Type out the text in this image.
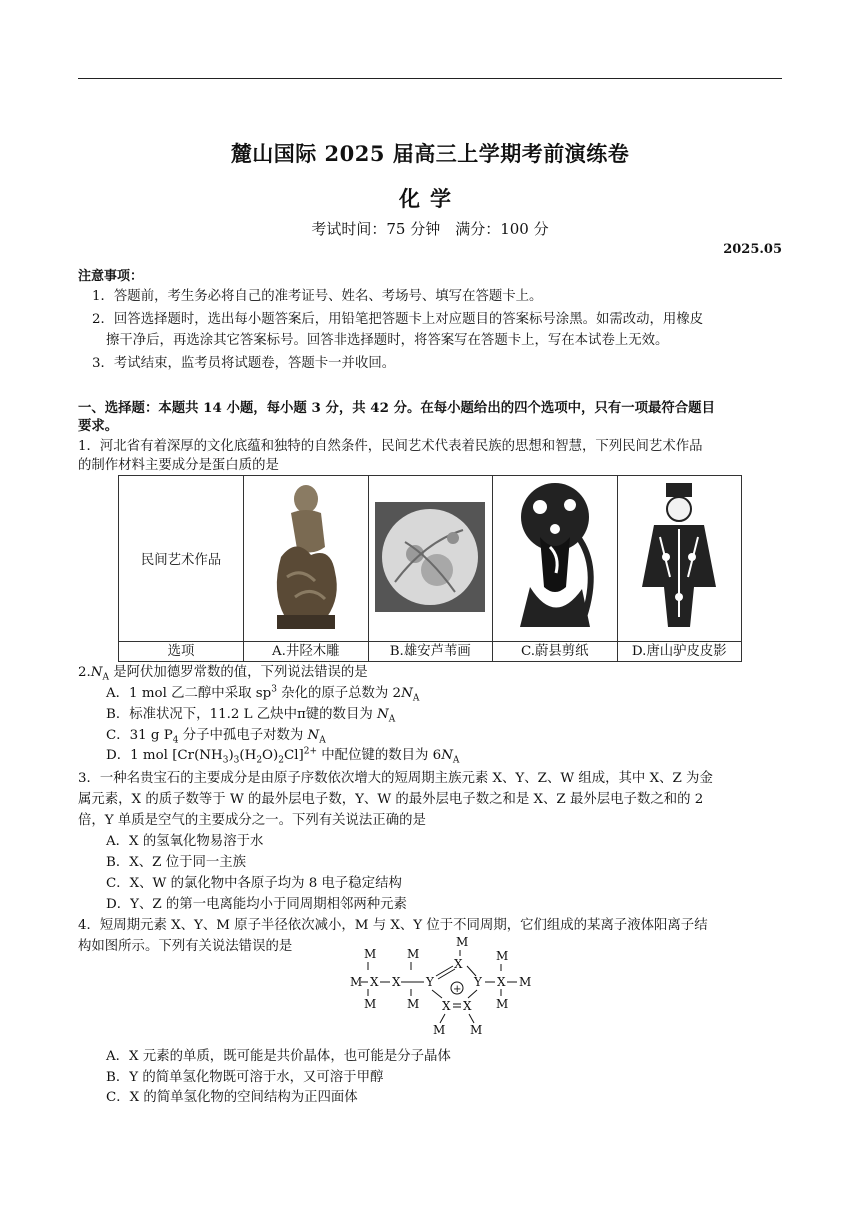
麓山国际 2025 届高三上学期考前演练卷
化学
考试时间：75 分钟　满分：100 分
2025.05
注意事项：
1．答题前，考生务必将自己的准考证号、姓名、考场号、填写在答题卡上。
2．回答选择题时，选出每小题答案后，用铅笔把答题卡上对应题目的答案标号涂黑。如需改动，用橡皮
擦干净后，再选涂其它答案标号。回答非选择题时，将答案写在答题卡上，写在本试卷上无效。
3．考试结束，监考员将试题卷，答题卡一并收回。
一、选择题：本题共 14 小题，每小题 3 分，共 42 分。在每小题给出的四个选项中，只有一项最符合题目
要求。
1．河北省有着深厚的文化底蕴和独特的自然条件，民间艺术代表着民族的思想和智慧，下列民间艺术作品
的制作材料主要成分是蛋白质的是
民间艺术作品				
选项	A.井陉木雕	B.雄安芦苇画	C.蔚县剪纸	D.唐山驴皮皮影
$2.N_A$ 是阿伏加德罗常数的值，下列说法错误的是
A．1 mol 乙二醇中采取 $sp^3$ 杂化的原子总数为 $2N_A$
B．标准状况下，11.2 L 乙炔中π键的数目为 $N_A$
C．31 g $P_4$ 分子中孤电子对数为 $N_A$
D．1 mol $[Cr(NH_3)_3(H_2O)_2Cl]^{2+}$ 中配位键的数目为 $6N_A$
3．一种名贵宝石的主要成分是由原子序数依次增大的短周期主族元素 X、Y、Z、W 组成，其中 X、Z 为金
属元素，X 的质子数等于 W 的最外层电子数，Y、W 的最外层电子数之和是 X、Z 最外层电子数之和的 2
倍，Y 单质是空气的主要成分之一。下列有关说法正确的是
A．X 的氢氧化物易溶于水
B．X、Z 位于同一主族
C．X、W 的氯化物中各原子均为 8 电子稳定结构
D．Y、Z 的第一电离能均小于同周期相邻两种元素
4．短周期元素 X、Y、M 原子半径依次减小，M 与 X、Y 位于不同周期，它们组成的某离子液体阳离子结
构如图所示。下列有关说法错误的是	M	M
M
M X X Y
X
+
Y X M
M
M
X X
M M
M	M
A．X 元素的单质，既可能是共价晶体，也可能是分子晶体
B．Y 的简单氢化物既可溶于水，又可溶于甲醇
C．X 的简单氢化物的空间结构为正四面体
